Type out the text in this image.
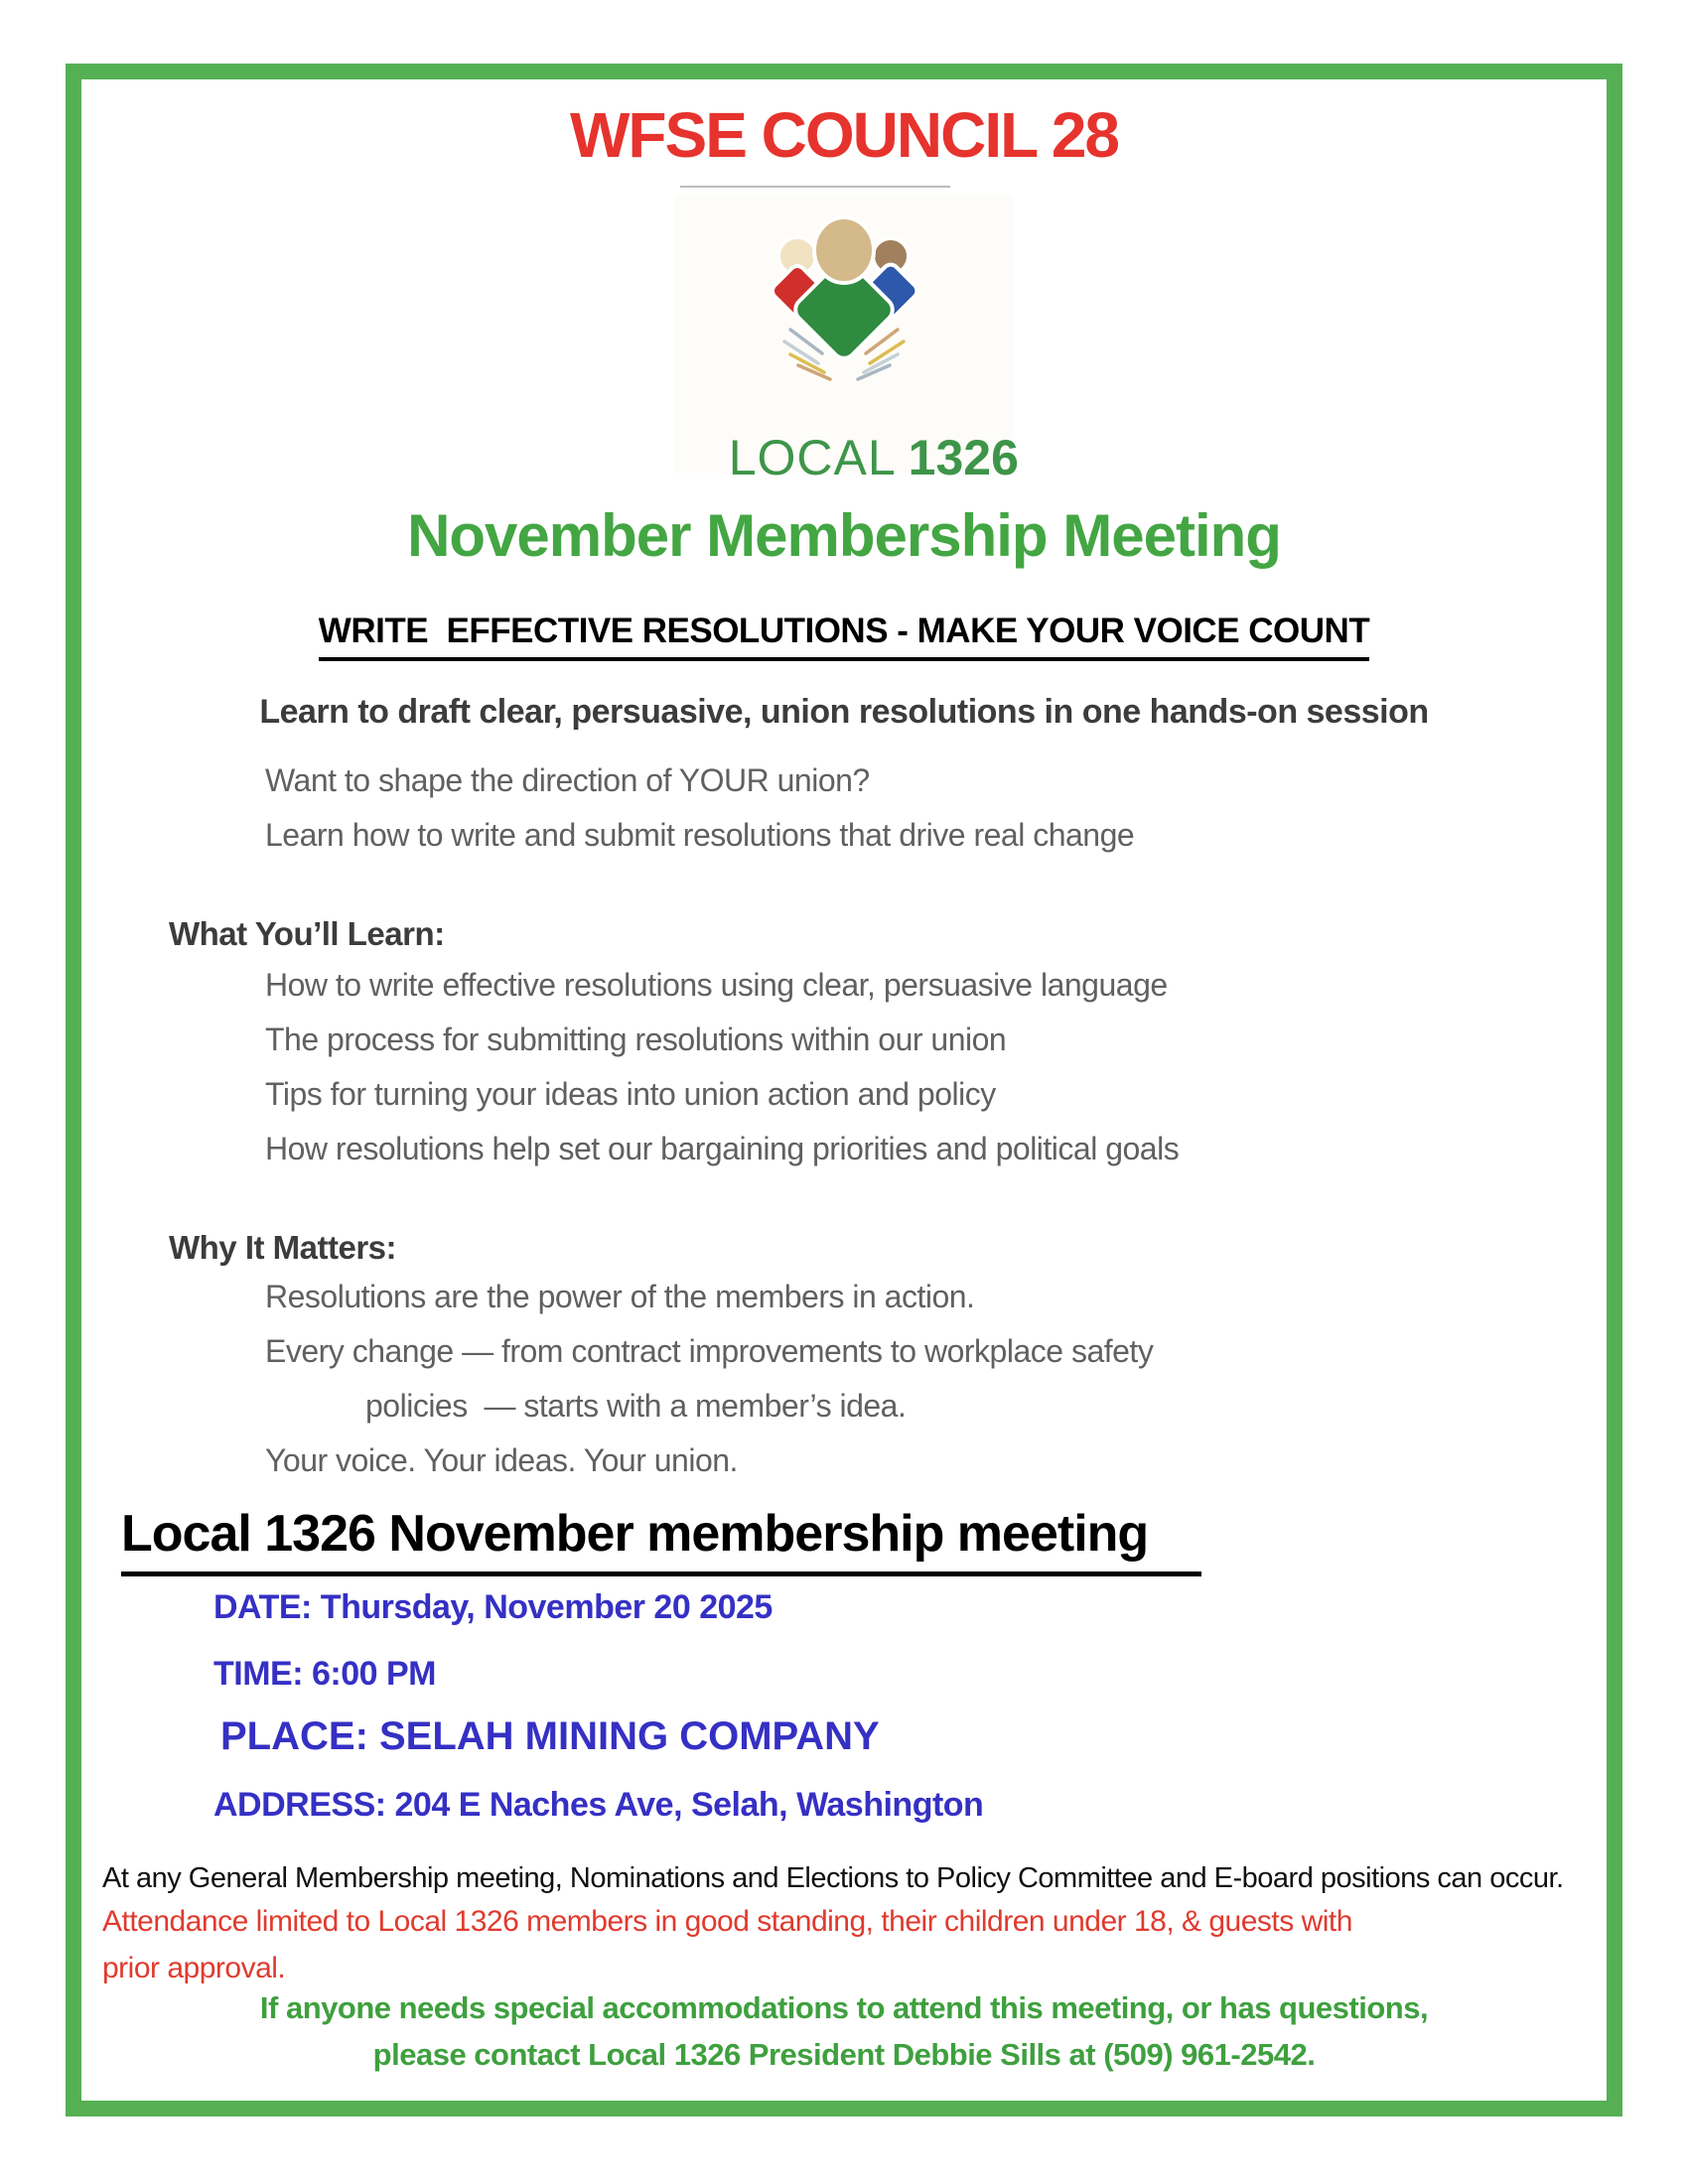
WFSE COUNCIL 28

LOCAL 1326

November Membership Meeting
WRITE  EFFECTIVE RESOLUTIONS - MAKE YOUR VOICE COUNT
Learn to draft clear, persuasive, union resolutions in one hands-on session
Want to shape the direction of YOUR union?
Learn how to write and submit resolutions that drive real change
What You’ll Learn:
How to write effective resolutions using clear, persuasive language
The process for submitting resolutions within our union
Tips for turning your ideas into union action and policy
How resolutions help set our bargaining priorities and political goals
Why It Matters:
Resolutions are the power of the members in action.
Every change — from contract improvements to workplace safety
policies  — starts with a member’s idea.
Your voice. Your ideas. Your union.
Local 1326 November membership meeting
DATE: Thursday, November 20 2025
TIME: 6:00 PM
PLACE: SELAH MINING COMPANY
ADDRESS: 204 E Naches Ave, Selah, Washington
At any General Membership meeting, Nominations and Elections to Policy Committee and E-board positions can occur.
Attendance limited to Local 1326 members in good standing, their children under 18, & guests with
prior approval.
If anyone needs special accommodations to attend this meeting, or has questions,
please contact Local 1326 President Debbie Sills at (509) 961-2542.
